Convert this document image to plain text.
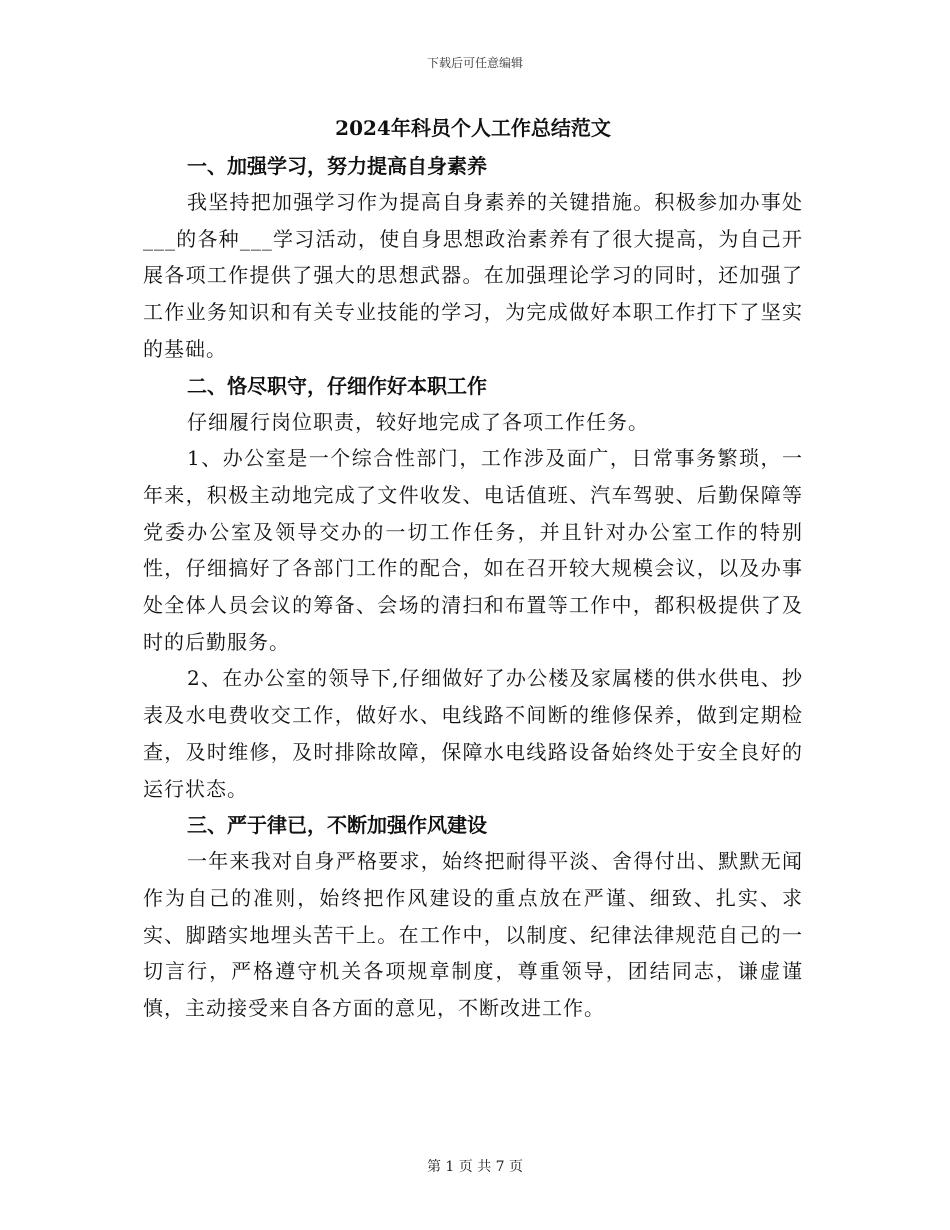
下载后可任意编辑
2024年科员个人工作总结范文

一、加强学习，努力提高自身素养

我坚持把加强学习作为提高自身素养的关键措施。积极参加办事处___的各种___学习活动，使自身思想政治素养有了很大提高，为自己开展各项工作提供了强大的思想武器。在加强理论学习的同时，还加强了工作业务知识和有关专业技能的学习，为完成做好本职工作打下了坚实的基础。

二、恪尽职守，仔细作好本职工作

仔细履行岗位职责，较好地完成了各项工作任务。

1、办公室是一个综合性部门，工作涉及面广，日常事务繁琐，一年来，积极主动地完成了文件收发、电话值班、汽车驾驶、后勤保障等党委办公室及领导交办的一切工作任务，并且针对办公室工作的特别性，仔细搞好了各部门工作的配合，如在召开较大规模会议，以及办事处全体人员会议的筹备、会场的清扫和布置等工作中，都积极提供了及时的后勤服务。

2、在办公室的领导下,仔细做好了办公楼及家属楼的供水供电、抄表及水电费收交工作，做好水、电线路不间断的维修保养，做到定期检查，及时维修，及时排除故障，保障水电线路设备始终处于安全良好的运行状态。

三、严于律已，不断加强作风建设

一年来我对自身严格要求，始终把耐得平淡、舍得付出、默默无闻作为自己的准则，始终把作风建设的重点放在严谨、细致、扎实、求实、脚踏实地埋头苦干上。在工作中，以制度、纪律法律规范自己的一切言行，严格遵守机关各项规章制度，尊重领导，团结同志，谦虚谨慎，主动接受来自各方面的意见，不断改进工作。

第 1 页 共 7 页
